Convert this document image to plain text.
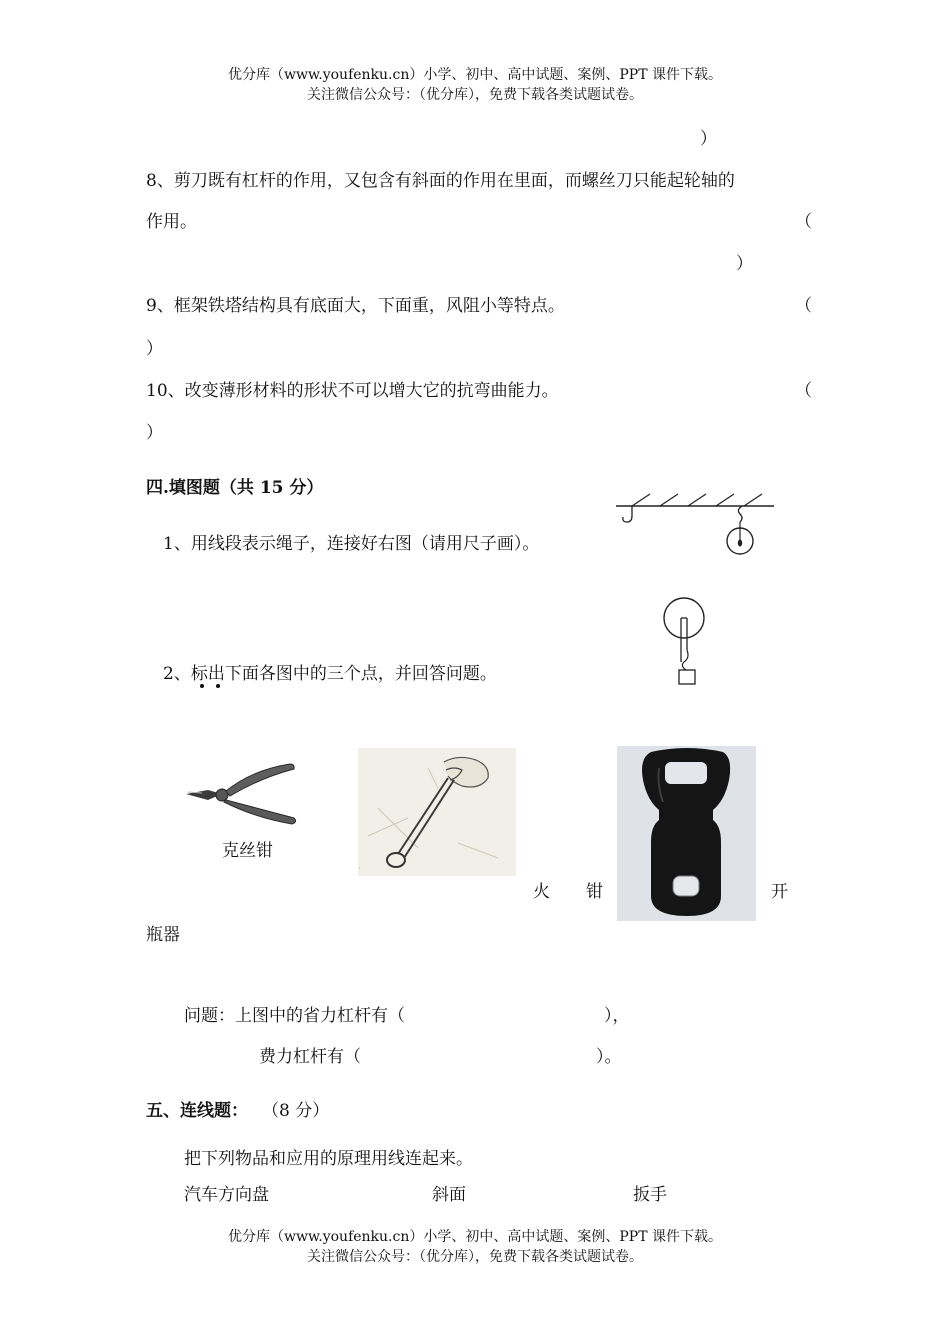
优分库（www.youfenku.cn）小学、初中、高中试题、案例、PPT 课件下载。
关注微信公众号：（优分库），免费下载各类试题试卷。
）
8、剪刀既有杠杆的作用，又包含有斜面的作用在里面，而螺丝刀只能起轮轴的
作用。	（
）
9、框架铁塔结构具有底面大，下面重，风阻小等特点。	（
）
10、改变薄形材料的形状不可以增大它的抗弯曲能力。	（
）
四.填图题（共 15 分）
1、用线段表示绳子，连接好右图（请用尺子画）。
2、标出下面各图中的三个点，并回答问题。
克丝钳
·
火 钳	开
瓶器
问题：上图中的省力杠杆有（	），
费力杠杆有（	）。
五、连线题： （8 分）
把下列物品和应用的原理用线连起来。
汽车方向盘	斜面	扳手
优分库（www.youfenku.cn）小学、初中、高中试题、案例、PPT 课件下载。
关注微信公众号：（优分库），免费下载各类试题试卷。
